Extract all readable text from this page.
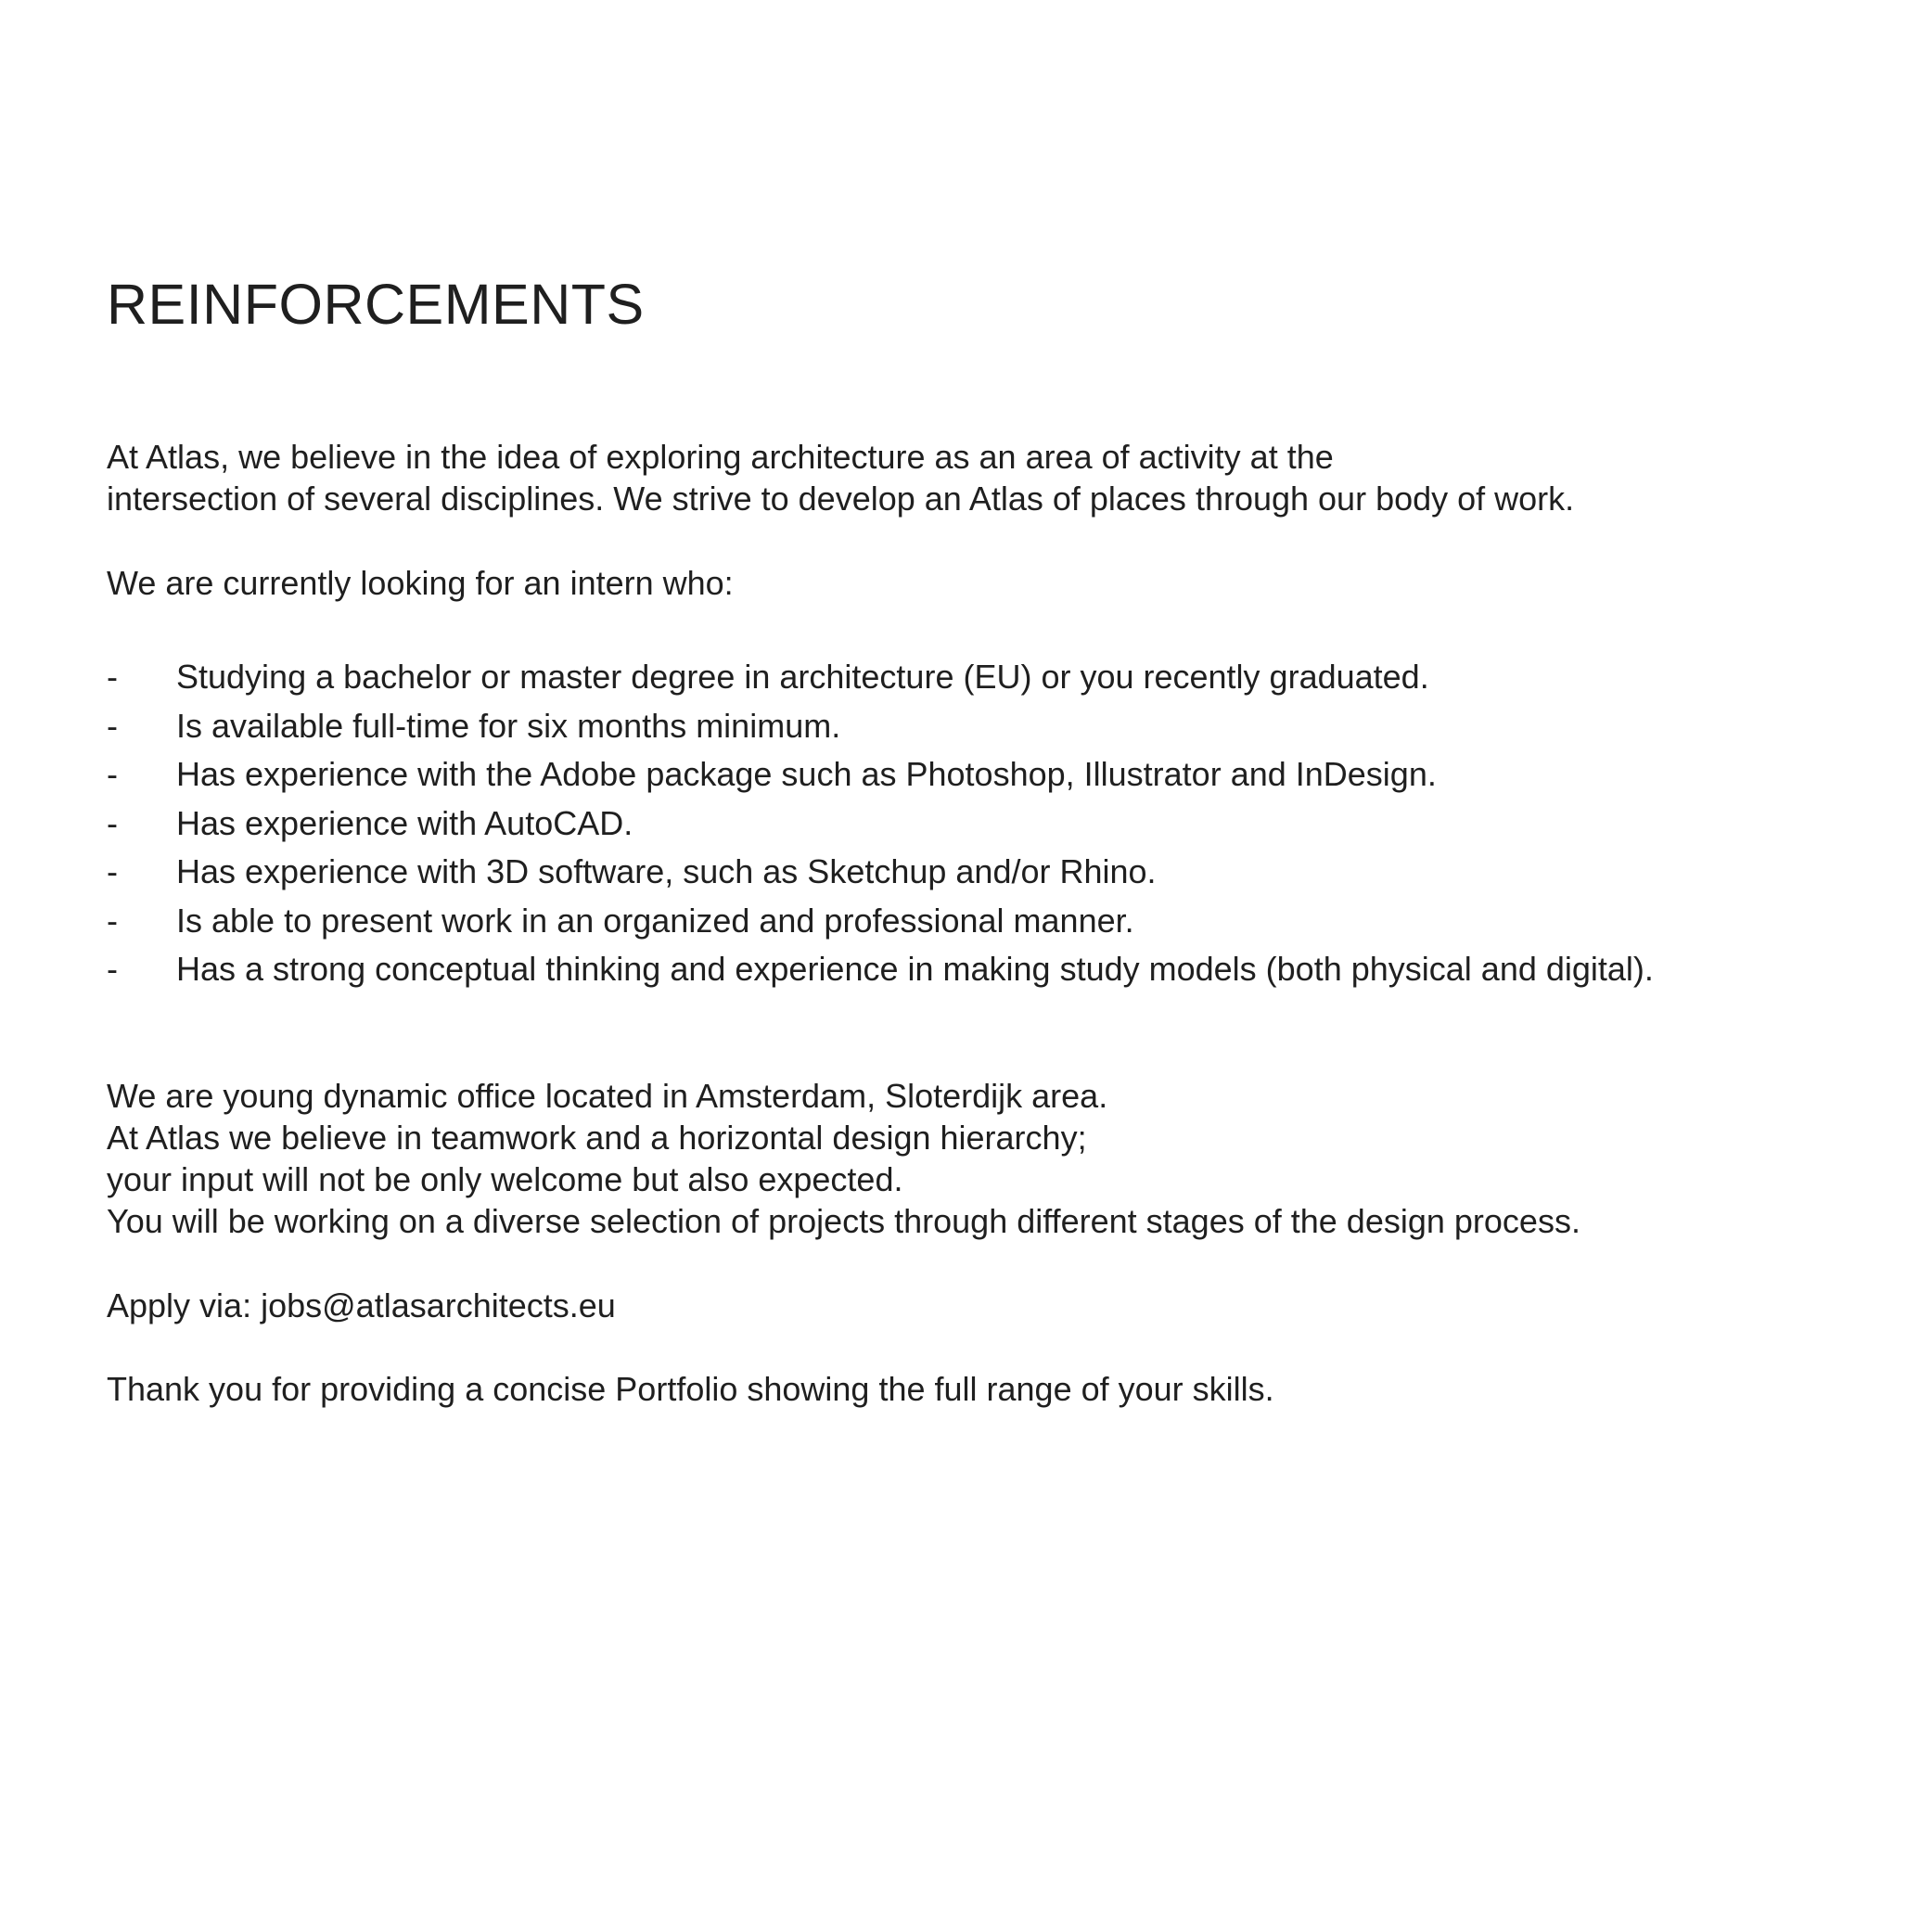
REINFORCEMENTS

At Atlas, we believe in the idea of exploring architecture as an area of activity at the
intersection of several disciplines. We strive to develop an Atlas of places through our body of work.

We are currently looking for an intern who:

- Studying a bachelor or master degree in architecture (EU) or you recently graduated.
- Is available full-time for six months minimum.
- Has experience with the Adobe package such as Photoshop, Illustrator and InDesign.
- Has experience with AutoCAD.
- Has experience with 3D software, such as Sketchup and/or Rhino.
- Is able to present work in an organized and professional manner.
- Has a strong conceptual thinking and experience in making study models (both physical and digital).

We are young dynamic office located in Amsterdam, Sloterdijk area.
At Atlas we believe in teamwork and a horizontal design hierarchy;
your input will not be only welcome but also expected.
You will be working on a diverse selection of projects through different stages of the design process.

Apply via: jobs@atlasarchitects.eu

Thank you for providing a concise Portfolio showing the full range of your skills.
